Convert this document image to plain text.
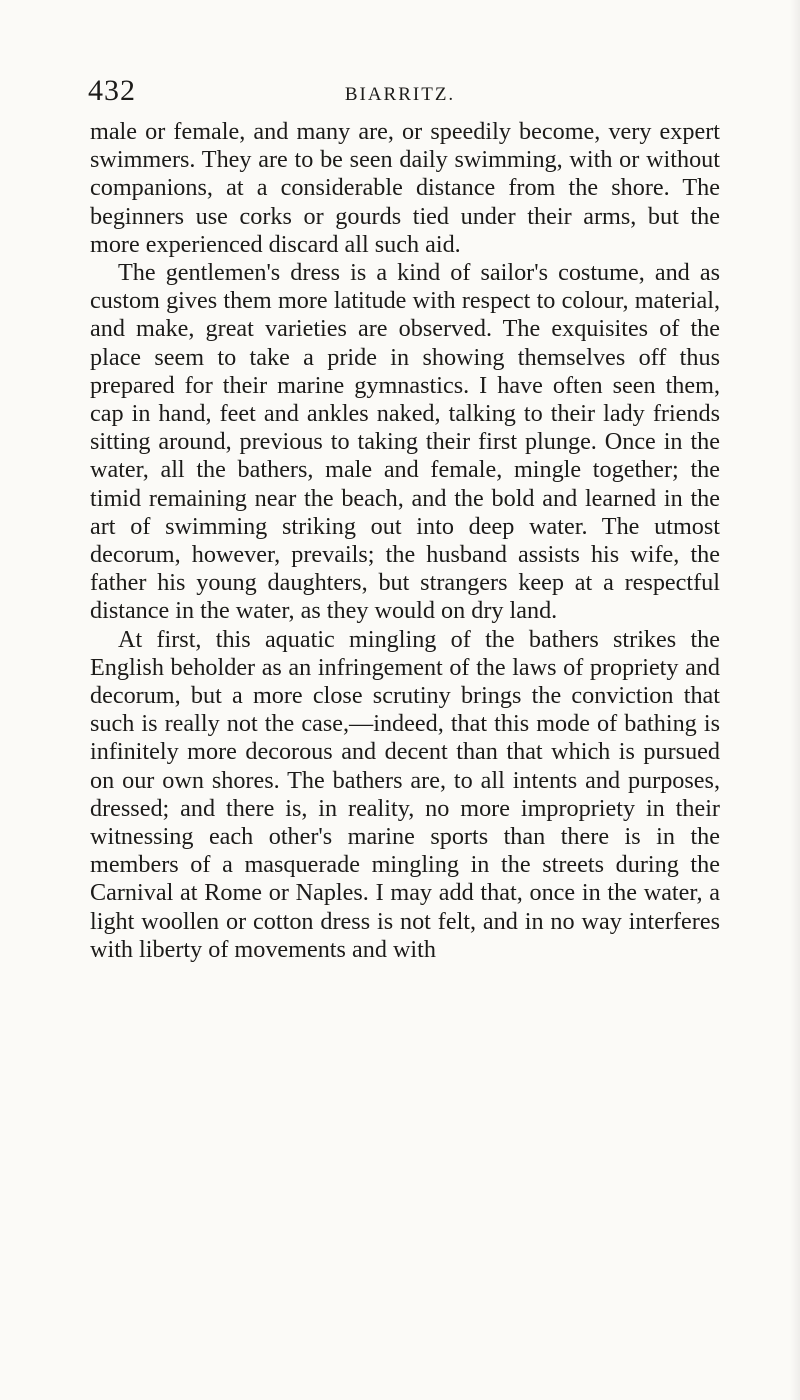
432	BIARRITZ.

male or female, and many are, or speedily become, very expert swimmers. They are to be seen daily swimming, with or without companions, at a considerable distance from the shore. The beginners use corks or gourds tied under their arms, but the more experienced discard all such aid.

The gentlemen's dress is a kind of sailor's costume, and as custom gives them more latitude with respect to colour, material, and make, great varieties are observed. The exquisites of the place seem to take a pride in showing themselves off thus prepared for their marine gymnastics. I have often seen them, cap in hand, feet and ankles naked, talking to their lady friends sitting around, previous to taking their first plunge. Once in the water, all the bathers, male and female, mingle together; the timid remaining near the beach, and the bold and learned in the art of swimming striking out into deep water. The utmost decorum, however, prevails; the husband assists his wife, the father his young daughters, but strangers keep at a respectful distance in the water, as they would on dry land.

At first, this aquatic mingling of the bathers strikes the English beholder as an infringement of the laws of propriety and decorum, but a more close scrutiny brings the conviction that such is really not the case,—indeed, that this mode of bathing is infinitely more decorous and decent than that which is pursued on our own shores. The bathers are, to all intents and purposes, dressed; and there is, in reality, no more impropriety in their witnessing each other's marine sports than there is in the members of a masquerade mingling in the streets during the Carnival at Rome or Naples. I may add that, once in the water, a light woollen or cotton dress is not felt, and in no way interferes with liberty of movements and with
